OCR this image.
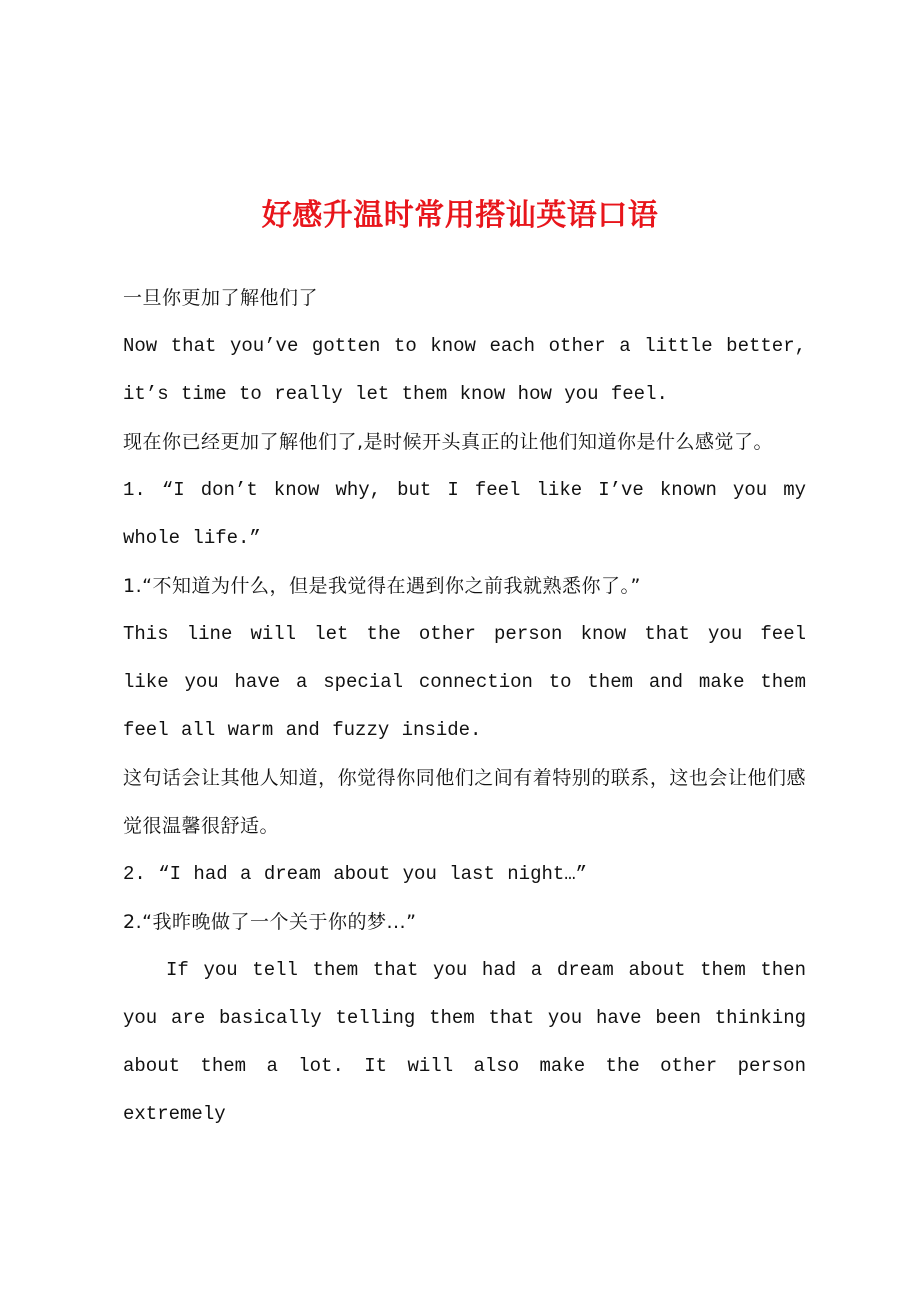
好感升温时常用搭讪英语口语

一旦你更加了解他们了

Now that you’ve gotten to know each other a little better, it’s time to really let them know how you feel.

现在你已经更加了解他们了,是时候开头真正的让他们知道你是什么感觉了。

1. “I don’t know why, but I feel like I’ve known you my whole life.”

1.“不知道为什么，但是我觉得在遇到你之前我就熟悉你了。”

This line will let the other person know that you feel like you have a special connection to them and make them feel all warm and fuzzy inside.

这句话会让其他人知道，你觉得你同他们之间有着特别的联系，这也会让他们感觉很温馨很舒适。

2. “I had a dream about you last night…”

2.“我昨晚做了一个关于你的梦...”

If you tell them that you had a dream about them then you are basically telling them that you have been thinking about them a lot. It will also make the other person extremely
